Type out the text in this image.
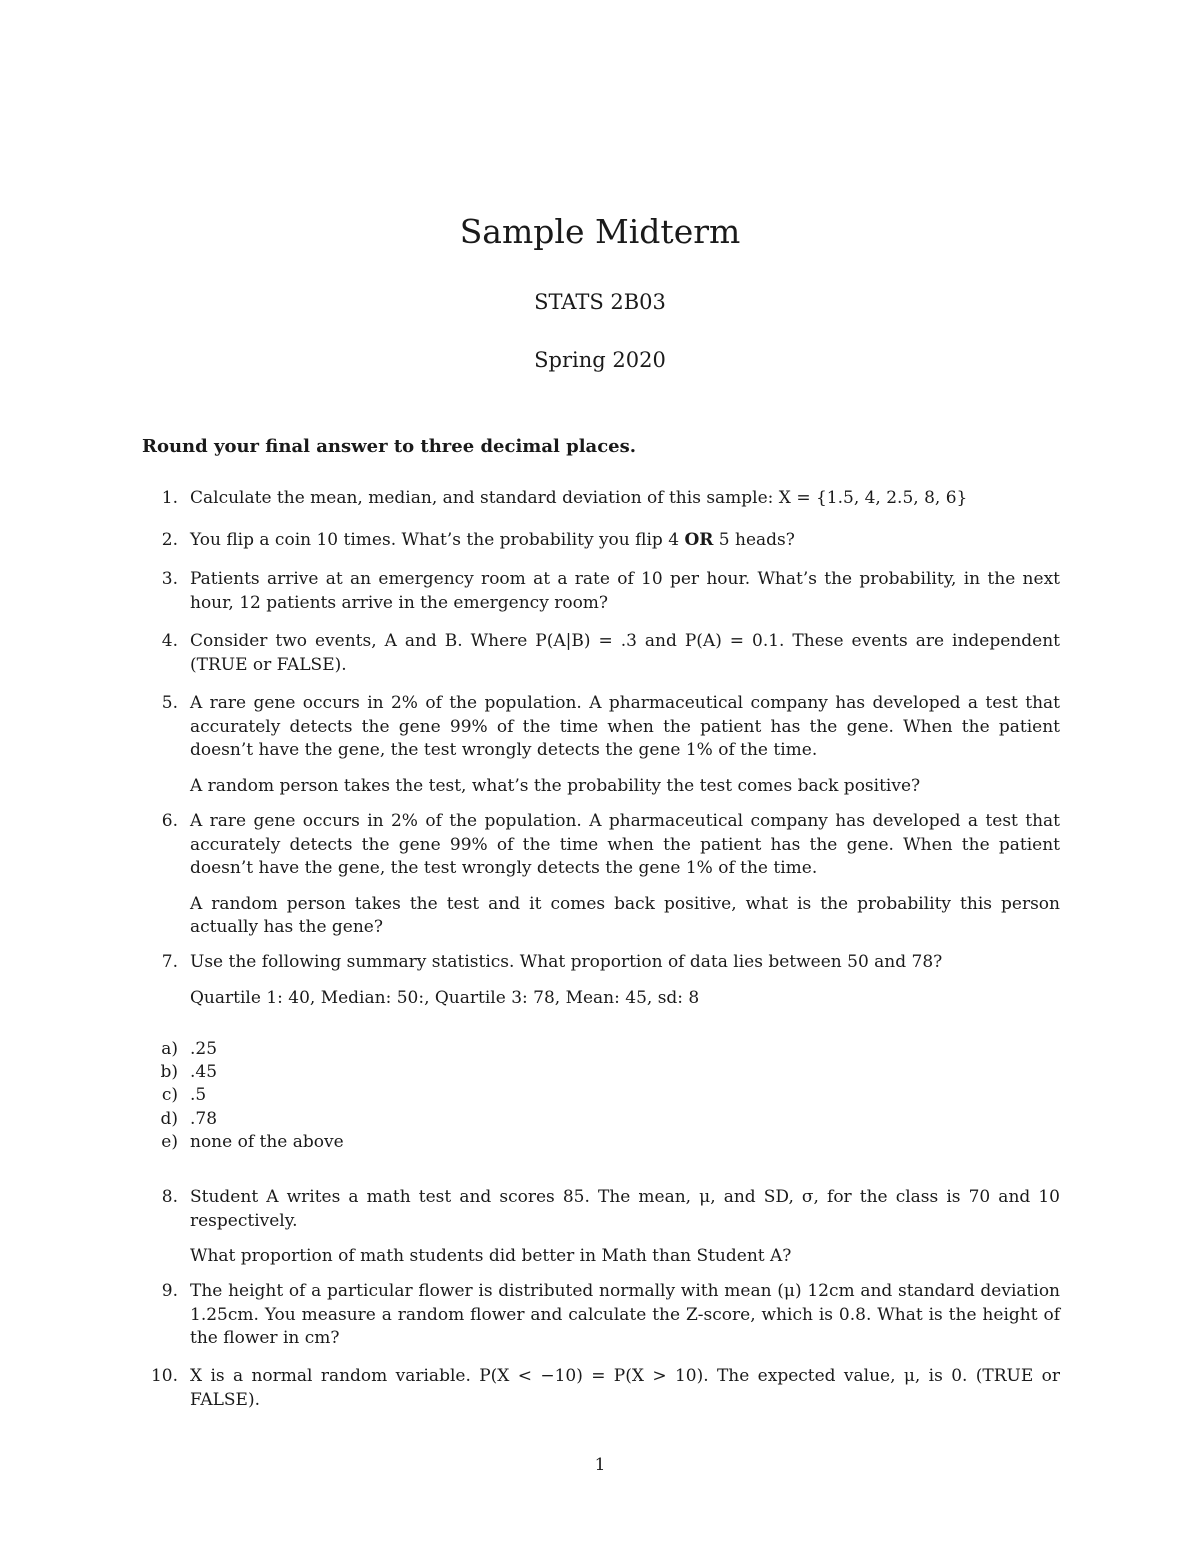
Sample Midterm
STATS 2B03
Spring 2020
Round your final answer to three decimal places.
1. Calculate the mean, median, and standard deviation of this sample: X = {1.5, 4, 2.5, 8, 6}

2. You flip a coin 10 times. What’s the probability you flip 4 OR 5 heads?

3. Patients arrive at an emergency room at a rate of 10 per hour. What’s the probability, in the next hour, 12 patients arrive in the emergency room?

4. Consider two events, A and B. Where P(A|B) = .3 and P(A) = 0.1. These events are independent (TRUE or FALSE).

5. A rare gene occurs in 2% of the population. A pharmaceutical company has developed a test that accurately detects the gene 99% of the time when the patient has the gene. When the patient doesn’t have the gene, the test wrongly detects the gene 1% of the time.

A random person takes the test, what’s the probability the test comes back positive?

6. A rare gene occurs in 2% of the population. A pharmaceutical company has developed a test that accurately detects the gene 99% of the time when the patient has the gene. When the patient doesn’t have the gene, the test wrongly detects the gene 1% of the time.

A random person takes the test and it comes back positive, what is the probability this person actually has the gene?

7. Use the following summary statistics. What proportion of data lies between 50 and 78?

Quartile 1: 40, Median: 50:, Quartile 3: 78, Mean: 45, sd: 8

a) .25
b) .45
c) .5
d) .78
e) none of the above
8. Student A writes a math test and scores 85. The mean, μ, and SD, σ, for the class is 70 and 10 respectively.

What proportion of math students did better in Math than Student A?

9. The height of a particular flower is distributed normally with mean (μ) 12cm and standard deviation 1.25cm. You measure a random flower and calculate the Z-score, which is 0.8. What is the height of the flower in cm?

10. X is a normal random variable. P(X < −10) = P(X > 10). The expected value, μ, is 0. (TRUE or FALSE).

1
